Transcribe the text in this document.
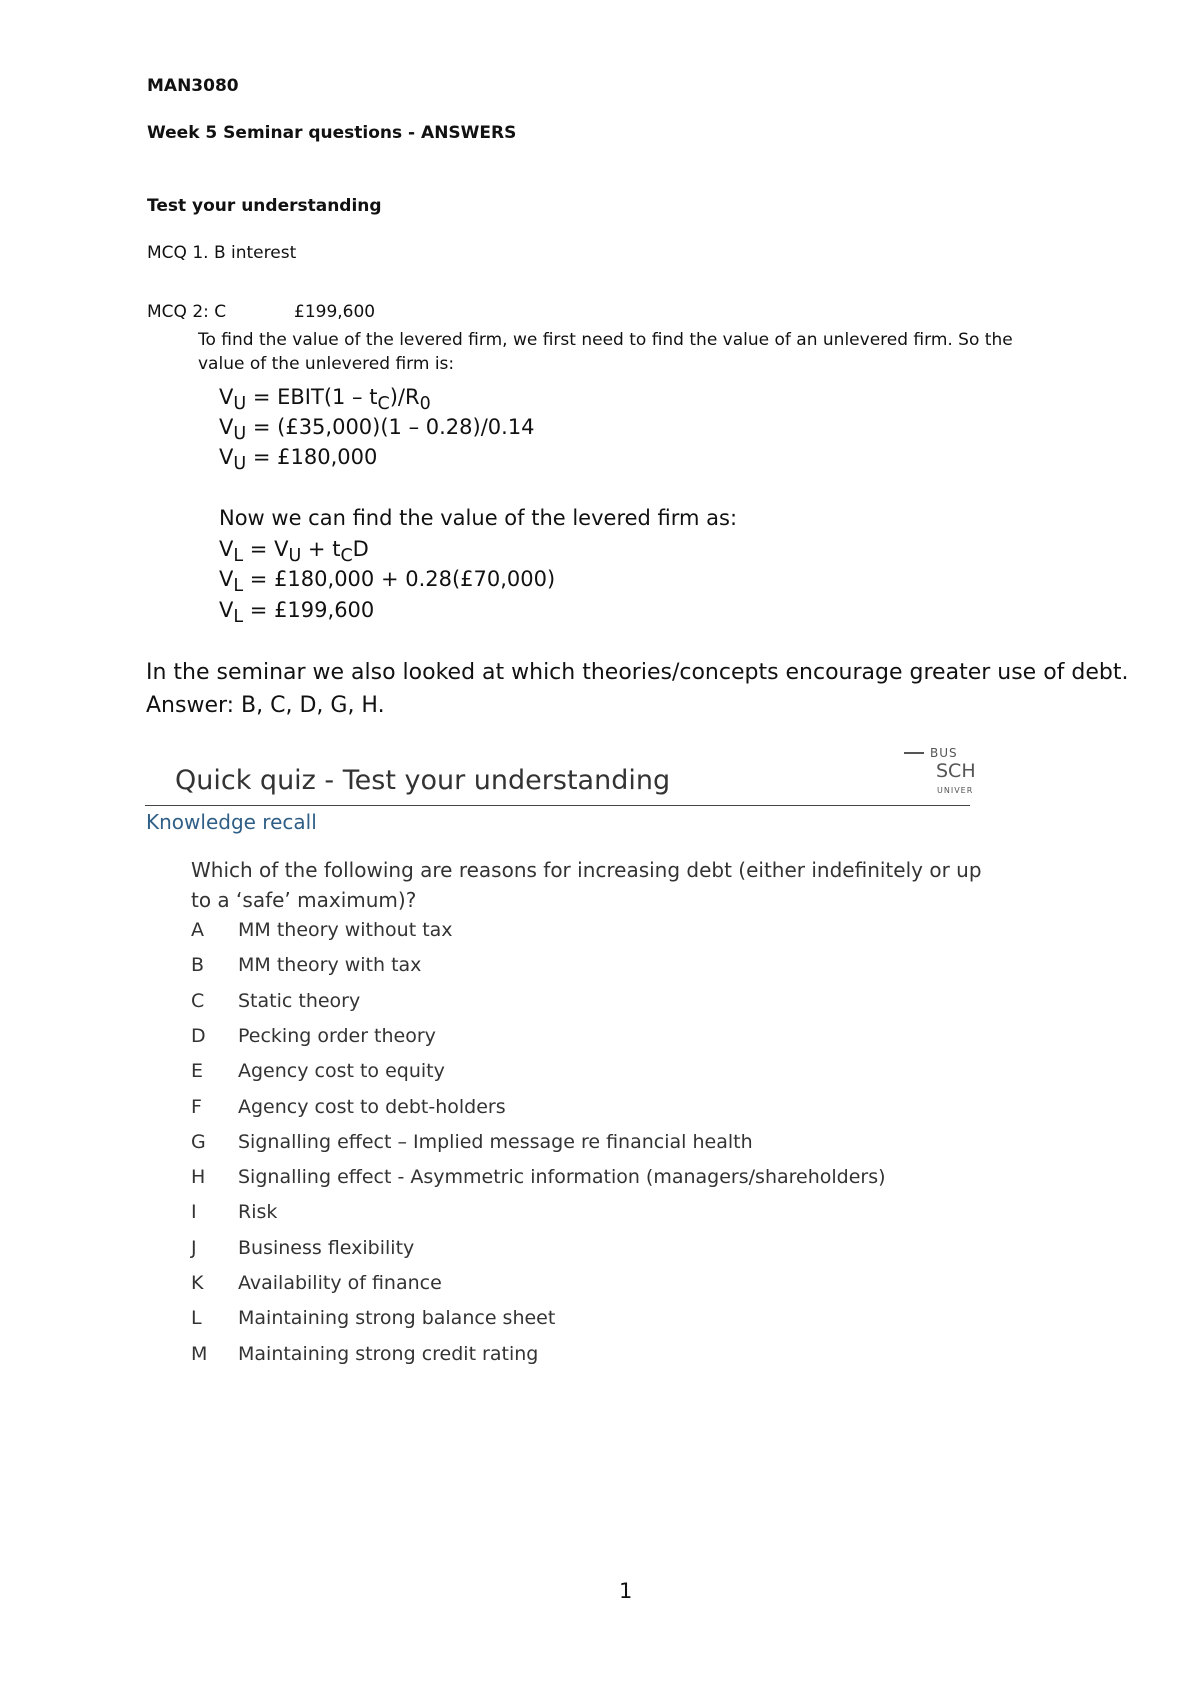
MAN3080
Week 5 Seminar questions - ANSWERS
Test your understanding
MCQ 1. B interest
MCQ 2: C	£199,600
To find the value of the levered firm, we first need to find the value of an unlevered firm. So the
value of the unlevered firm is:
$V_U$ = EBIT(1 – $t_C)/R_0$
$V_U$ = (£35,000)(1 – 0.28)/0.14
$V_U$ = £180,000
Now we can find the value of the levered firm as:
$V_L = V_U + t_CD$
$V_L$ = £180,000 + 0.28(£70,000)
$V_L$ = £199,600
In the seminar we also looked at which theories/concepts encourage greater use of debt.
Answer: B, C, D, G, H.
Quick quiz - Test your understanding
BUS
SCH
UNIVER
Knowledge recall
Which of the following are reasons for increasing debt (either indefinitely or up
to a ‘safe’ maximum)?
A MM theory without tax
B MM theory with tax
C Static theory
D Pecking order theory
E Agency cost to equity
F Agency cost to debt-holders
G Signalling effect – Implied message re financial health
H Signalling effect - Asymmetric information (managers/shareholders)
I Risk
J Business flexibility
K Availability of finance
L Maintaining strong balance sheet
M Maintaining strong credit rating
1
